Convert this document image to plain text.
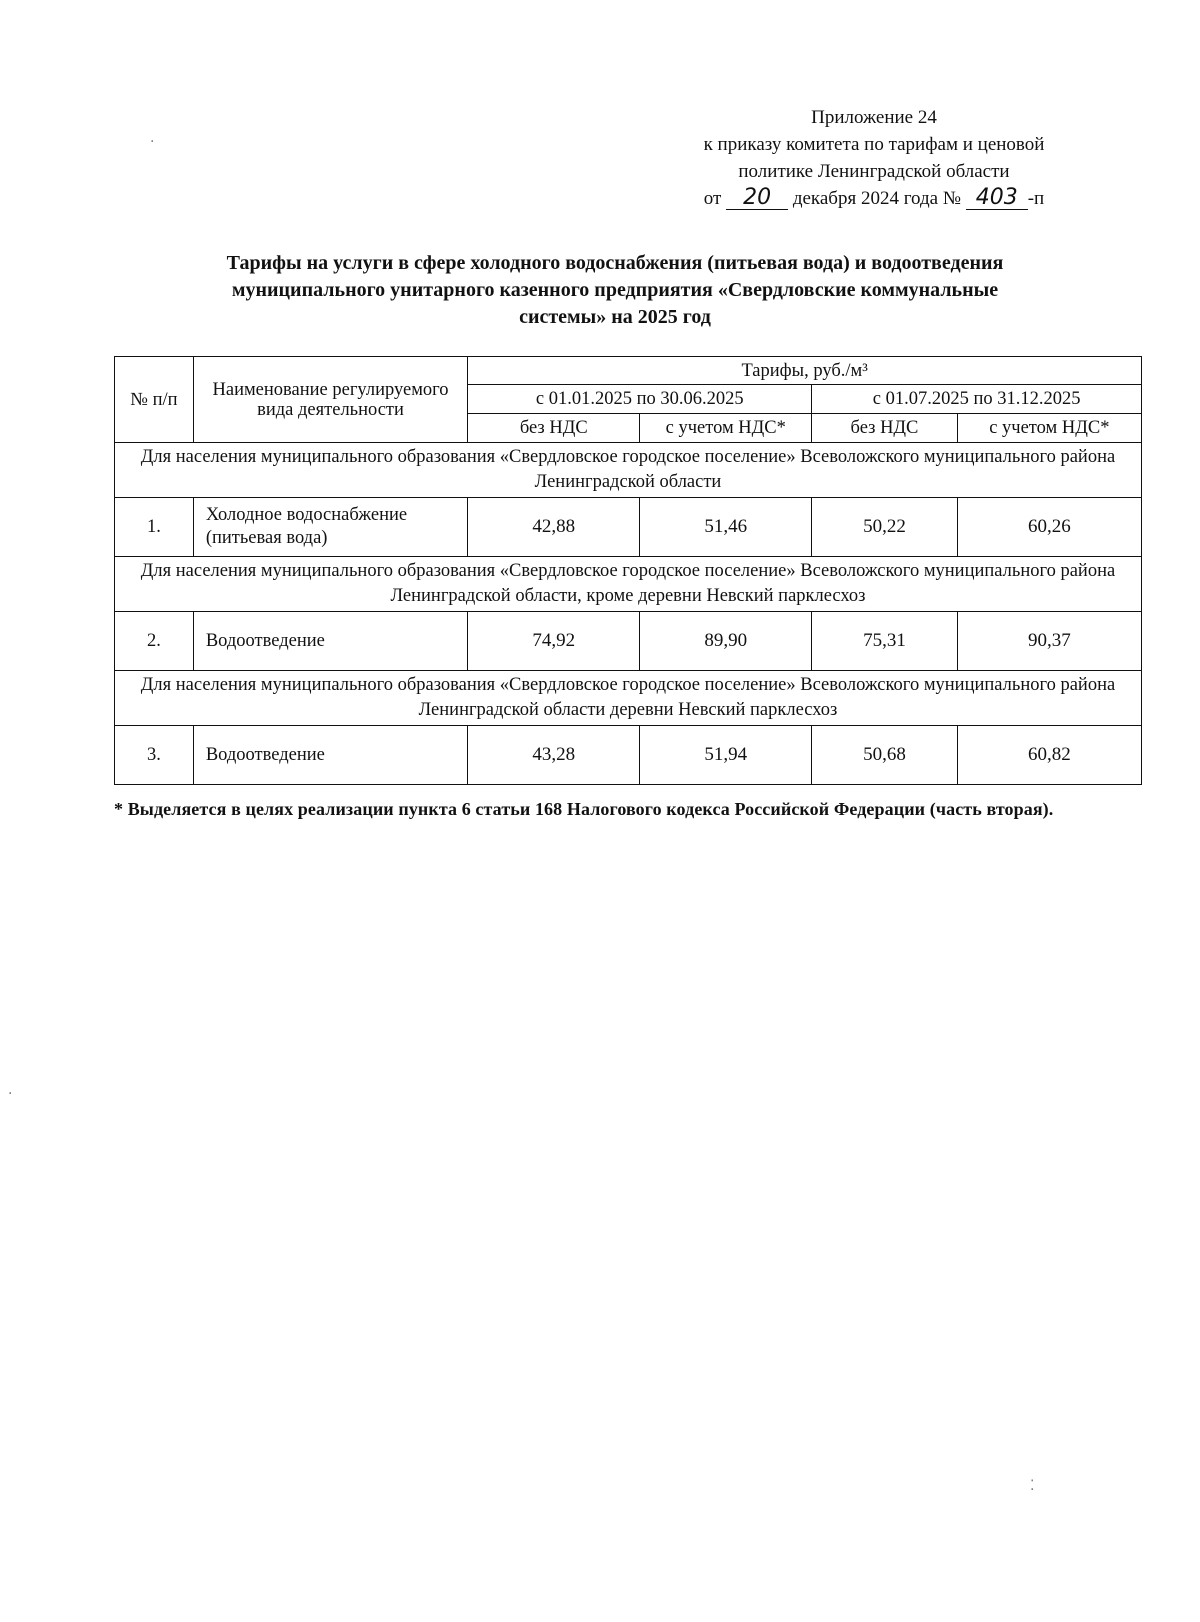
Приложение 24
к приказу комитета по тарифам и ценовой
политике Ленинградской области
от 20 декабря 2024 года № 403 -п
Тарифы на услуги в сфере холодного водоснабжения (питьевая вода) и водоотведения
муниципального унитарного казенного предприятия «Свердловские коммунальные
системы» на 2025 год
№ п/п	Наименование регулируемого вида деятельности	Тарифы, руб./м³			
		с 01.01.2025 по 30.06.2025		с 01.07.2025 по 31.12.2025	
		без НДС	с учетом НДС*	без НДС	с учетом НДС*
Для населения муниципального образования «Свердловское городское поселение» Всеволожского муниципального района Ленинградской области					
1.	Холодное водоснабжение (питьевая вода)	42,88	51,46	50,22	60,26
Для населения муниципального образования «Свердловское городское поселение» Всеволожского муниципального района Ленинградской области, кроме деревни Невский парклесхоз					
2.	Водоотведение	74,92	89,90	75,31	90,37
Для населения муниципального образования «Свердловское городское поселение» Всеволожского муниципального района Ленинградской области деревни Невский парклесхоз					
3.	Водоотведение	43,28	51,94	50,68	60,82
* Выделяется в целях реализации пункта 6 статьи 168 Налогового кодекса Российской Федерации (часть вторая).
·
⁚
·
